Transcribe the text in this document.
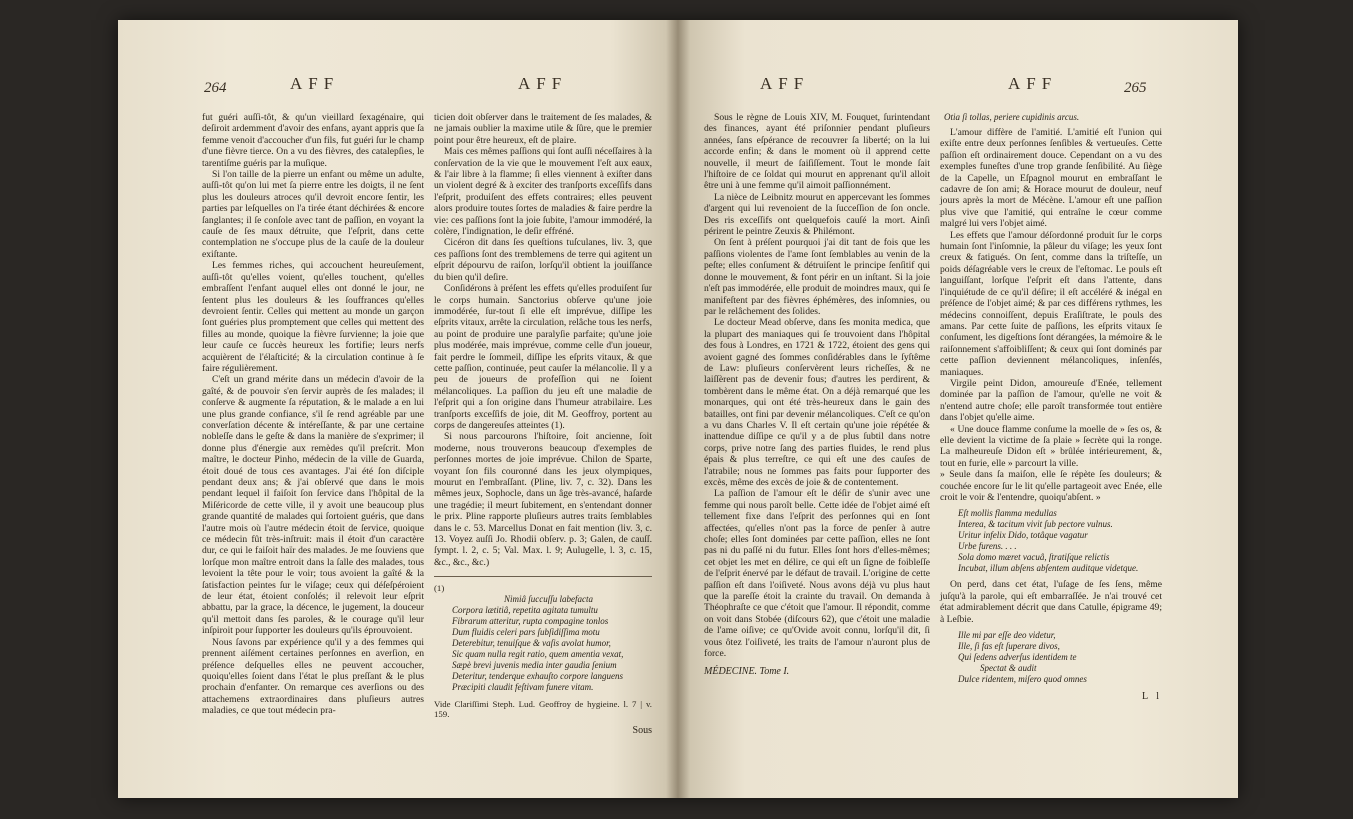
264	AFF	AFF

fut guéri auſſi-tôt, & qu'un vieillard ſexagénaire, qui deſiroit ardemment d'avoir des enfans, ayant appris que ſa femme venoit d'accoucher d'un fils, fut guéri ſur le champ d'une fièvre tierce. On a vu des fièvres, des catalepſies, le tarentiſme guéris par la muſique.

Si l'on taille de la pierre un enfant ou même un adulte, auſſi-tôt qu'on lui met ſa pierre entre les doigts, il ne ſent plus les douleurs atroces qu'il devroit encore ſentir, les parties par leſquelles on l'a tirée étant déchirées & encore ſanglantes; il ſe conſole avec tant de paſſion, en voyant la cauſe de ſes maux détruite, que l'eſprit, dans cette contemplation ne s'occupe plus de la cauſe de la douleur exiſtante.

Les femmes riches, qui accouchent heureuſement, auſſi-tôt qu'elles voient, qu'elles touchent, qu'elles embraſſent l'enfant auquel elles ont donné le jour, ne ſentent plus les douleurs & les ſouffrances qu'elles devroient ſentir. Celles qui mettent au monde un garçon ſont guéries plus promptement que celles qui mettent des filles au monde, quoique la fièvre ſurvienne; la joie que leur cauſe ce ſuccès heureux les fortifie; leurs nerfs acquièrent de l'élaſticité; & la circulation continue à ſe faire régulièrement.

C'eſt un grand mérite dans un médecin d'avoir de la gaîté, & de pouvoir s'en ſervir auprès de ſes malades; il conſerve & augmente ſa réputation, & le malade a en lui une plus grande confiance, s'il ſe rend agréable par une converſation décente & intéreſſante, & par une certaine nobleſſe dans le geſte & dans la manière de s'exprimer; il donne plus d'énergie aux remèdes qu'il preſcrit. Mon maître, le docteur Pinho, médecin de la ville de Guarda, étoit doué de tous ces avantages. J'ai été ſon diſciple pendant deux ans; & j'ai obſervé que dans le mois pendant lequel il faiſoit ſon ſervice dans l'hôpital de la Miſéricorde de cette ville, il y avoit une beaucoup plus grande quantité de malades qui ſortoient guéris, que dans l'autre mois où l'autre médecin étoit de ſervice, quoique ce médecin fût très-inſtruit: mais il étoit d'un caractère dur, ce qui le faiſoit haïr des malades. Je me ſouviens que lorſque mon maître entroit dans la ſalle des malades, tous levoient la tête pour le voir; tous avoient la gaîté & la ſatisfaction peintes ſur le viſage; ceux qui déſeſpéroient de leur état, étoient conſolés; il relevoit leur eſprit abbattu, par la grace, la décence, le jugement, la douceur qu'il mettoit dans ſes paroles, & le courage qu'il leur inſpiroit pour ſupporter les douleurs qu'ils éprouvoient.

Nous ſavons par expérience qu'il y a des femmes qui prennent aiſément certaines perſonnes en averſion, en préſence deſquelles elles ne peuvent accoucher, quoiqu'elles ſoient dans l'état le plus preſſant & le plus prochain d'enfanter. On remarque ces averſions ou des attachemens extraordinaires dans pluſieurs autres maladies, ce que tout médecin pra-

ticien doit obſerver dans le traitement de ſes malades, & ne jamais oublier la maxime utile & ſûre, que le premier point pour être heureux, eſt de plaire.

Mais ces mêmes paſſions qui ſont auſſi néceſſaires à la conſervation de la vie que le mouvement l'eſt aux eaux, & l'air libre à la flamme; ſi elles viennent à exiſter dans un violent degré & à exciter des tranſports exceſſifs dans l'eſprit, produiſent des effets contraires; elles peuvent alors produire toutes ſortes de maladies & faire perdre la vie: ces paſſions ſont la joie ſubite, l'amour immodéré, la colère, l'indignation, le deſir effréné.

Cicéron dit dans ſes queſtions tuſculanes, liv. 3, que ces paſſions ſont des tremblemens de terre qui agitent un eſprit dépourvu de raiſon, lorſqu'il obtient la jouiſſance du bien qu'il deſire.

Conſidérons à préſent les effets qu'elles produiſent ſur le corps humain. Sanctorius obſerve qu'une joie immodérée, ſur-tout ſi elle eſt imprévue, diſſipe les eſprits vitaux, arrête la circulation, relâche tous les nerfs, au point de produire une paralyſie parfaite; qu'une joie plus modérée, mais imprévue, comme celle d'un joueur, fait perdre le ſommeil, diſſipe les eſprits vitaux, & que cette paſſion, continuée, peut cauſer la mélancolie. Il y a peu de joueurs de profeſſion qui ne ſoient mélancoliques. La paſſion du jeu eſt une maladie de l'eſprit qui a ſon origine dans l'humeur atrabilaire. Les tranſports exceſſifs de joie, dit M. Geoffroy, portent au corps de dangereuſes atteintes (1).

Si nous parcourons l'hiſtoire, ſoit ancienne, ſoit moderne, nous trouverons beaucoup d'exemples de perſonnes mortes de joie imprévue. Chilon de Sparte, voyant ſon fils couronné dans les jeux olympiques, mourut en l'embraſſant. (Pline, liv. 7, c. 32). Dans les mêmes jeux, Sophocle, dans un âge très-avancé, haſarde une tragédie; il meurt ſubitement, en s'entendant donner le prix. Pline rapporte pluſieurs autres traits ſemblables dans le c. 53. Marcellus Donat en fait mention (liv. 3, c. 13. Voyez auſſi Jo. Rhodii obſerv. p. 3; Galen, de cauſſ. ſympt. l. 2, c. 5; Val. Max. l. 9; Aulugelle, l. 3, c. 15, &c., &c., &c.)

(1)
Nimiâ ſuccuſſu labefacta
Corpora lætitiâ, repetita agitata tumultu
Fibrarum atteritur, rupta compagine tonlos
Dum fluidis celeri pars ſubſidiſſima motu
Deterebitur, tenuiſque & vaſis avolat humor,
Sic quam nulla regit ratio, quem amentia vexat,
Sæpè brevi juvenis media inter gaudia ſenium
Deteritur, tenderque exhauſto corpore languens
Præcipiti claudit feſtivam funere vitam.
Vide Clariſſimi Steph. Lud. Geoffroy de hygieine. l. 7 | v. 159.
Sous
AFF	AFF	265

Sous le règne de Louis XIV, M. Fouquet, ſurintendant des finances, ayant été priſonnier pendant pluſieurs années, ſans eſpérance de recouvrer ſa liberté; on la lui accorde enfin; & dans le moment où il apprend cette nouvelle, il meurt de ſaiſiſſement. Tout le monde ſait l'hiſtoire de ce ſoldat qui mourut en apprenant qu'il alloit être uni à une femme qu'il aimoit paſſionnément.

La nièce de Leibnitz mourut en appercevant les ſommes d'argent qui lui revenoient de la ſucceſſion de ſon oncle. Des ris exceſſifs ont quelquefois cauſé la mort. Ainſi périrent le peintre Zeuxis & Philémont.

On ſent à préſent pourquoi j'ai dit tant de fois que les paſſions violentes de l'ame ſont ſemblables au venin de la peſte; elles conſument & détruiſent le principe ſenſitif qui donne le mouvement, & font périr en un inſtant. Si la joie n'eſt pas immodérée, elle produit de moindres maux, qui ſe manifeſtent par des fièvres éphémères, des inſomnies, ou par le relâchement des ſolides.

Le docteur Mead obſerve, dans ſes monita medica, que la plupart des maniaques qui ſe trouvoient dans l'hôpital des fous à Londres, en 1721 & 1722, étoient des gens qui avoient gagné des ſommes conſidérables dans le ſyſtême de Law: pluſieurs conſervèrent leurs richeſſes, & ne laiſſèrent pas de devenir fous; d'autres les perdirent, & tombèrent dans le même état. On a déjà remarqué que les monarques, qui ont été très-heureux dans le gain des batailles, ont fini par devenir mélancoliques. C'eſt ce qu'on a vu dans Charles V. Il eſt certain qu'une joie répétée & inattendue diſſipe ce qu'il y a de plus ſubtil dans notre corps, prive notre ſang des parties fluides, le rend plus épais & plus terreſtre, ce qui eſt une des cauſes de l'atrabile; nous ne ſommes pas faits pour ſupporter des excès, même des excès de joie & de contentement.

La paſſion de l'amour eſt le déſir de s'unir avec une femme qui nous paroît belle. Cette idée de l'objet aimé eſt tellement fixe dans l'eſprit des perſonnes qui en ſont affectées, qu'elles n'ont pas la force de penſer à autre choſe; elles ſont dominées par cette paſſion, elles ne ſont pas ni du paſſé ni du futur. Elles ſont hors d'elles-mêmes; cet objet les met en délire, ce qui eſt un ſigne de foibleſſe de l'eſprit énervé par le défaut de travail. L'origine de cette paſſion eſt dans l'oiſiveté. Nous avons déjà vu plus haut que la pareſſe étoit la crainte du travail. On demanda à Théophraſte ce que c'étoit que l'amour. Il répondit, comme on voit dans Stobée (diſcours 62), que c'étoit une maladie de l'ame oiſive; ce qu'Ovide avoit connu, lorſqu'il dit, ſi vous ôtez l'oiſiveté, les traits de l'amour n'auront plus de force.

MÉDECINE. Tome I.
Otia ſi tollas, periere cupidinis arcus.

L'amour diffère de l'amitié. L'amitié eſt l'union qui exiſte entre deux perſonnes ſenſibles & vertueuſes. Cette paſſion eſt ordinairement douce. Cependant on a vu des exemples funeſtes d'une trop grande ſenſibilité. Au ſiège de la Capelle, un Eſpagnol mourut en embraſſant le cadavre de ſon ami; & Horace mourut de douleur, neuf jours après la mort de Mécène. L'amour eſt une paſſion plus vive que l'amitié, qui entraîne le cœur comme malgré lui vers l'objet aimé.

Les effets que l'amour déſordonné produit ſur le corps humain ſont l'inſomnie, la pâleur du viſage; les yeux ſont creux & fatigués. On ſent, comme dans la triſteſſe, un poids déſagréable vers le creux de l'eſtomac. Le pouls eſt languiſſant, lorſque l'eſprit eſt dans l'attente, dans l'inquiétude de ce qu'il déſire; il eſt accéléré & inégal en préſence de l'objet aimé; & par ces différens rythmes, les médecins connoiſſent, depuis Eraſiſtrate, le pouls des amans. Par cette ſuite de paſſions, les eſprits vitaux ſe conſument, les digeſtions ſont dérangées, la mémoire & le raiſonnement s'affoibliſſent; & ceux qui ſont dominés par cette paſſion deviennent mélancoliques, inſenſés, maniaques.

Virgile peint Didon, amoureuſe d'Enée, tellement dominée par la paſſion de l'amour, qu'elle ne voit & n'entend autre choſe; elle paroît transformée tout entière dans l'objet qu'elle aime.

« Une douce flamme conſume la moelle de » ſes os, & elle devient la victime de ſa plaie » ſecrète qui la ronge. La malheureuſe Didon eſt » brûlée intérieurement, &, tout en furie, elle » parcourt la ville.

» Seule dans ſa maiſon, elle ſe répète ſes douleurs; & couchée encore ſur le lit qu'elle partageoit avec Enée, elle croit le voir & l'entendre, quoiqu'abſent. »

Eſt mollis flamma medullas
Interea, & tacitum vivit ſub pectore vulnus.
Uritur infelix Dido, totâque vagatur
Urbe furens. . . .
Sola domo mæret vacuâ, ſtratiſque relictis
Incubat, illum abſens abſentem auditque videtque.

On perd, dans cet état, l'uſage de ſes ſens, même juſqu'à la parole, qui eſt embarraſſée. Je n'ai trouvé cet état admirablement décrit que dans Catulle, épigrame 49; à Leſbie.

Ille mi par eſſe deo videtur,
Ille, ſi fas eſt ſuperare divos,
Qui ſedens adverſus identidem te
Spectat & audit
Dulce ridentem, miſero quod omnes
L l
